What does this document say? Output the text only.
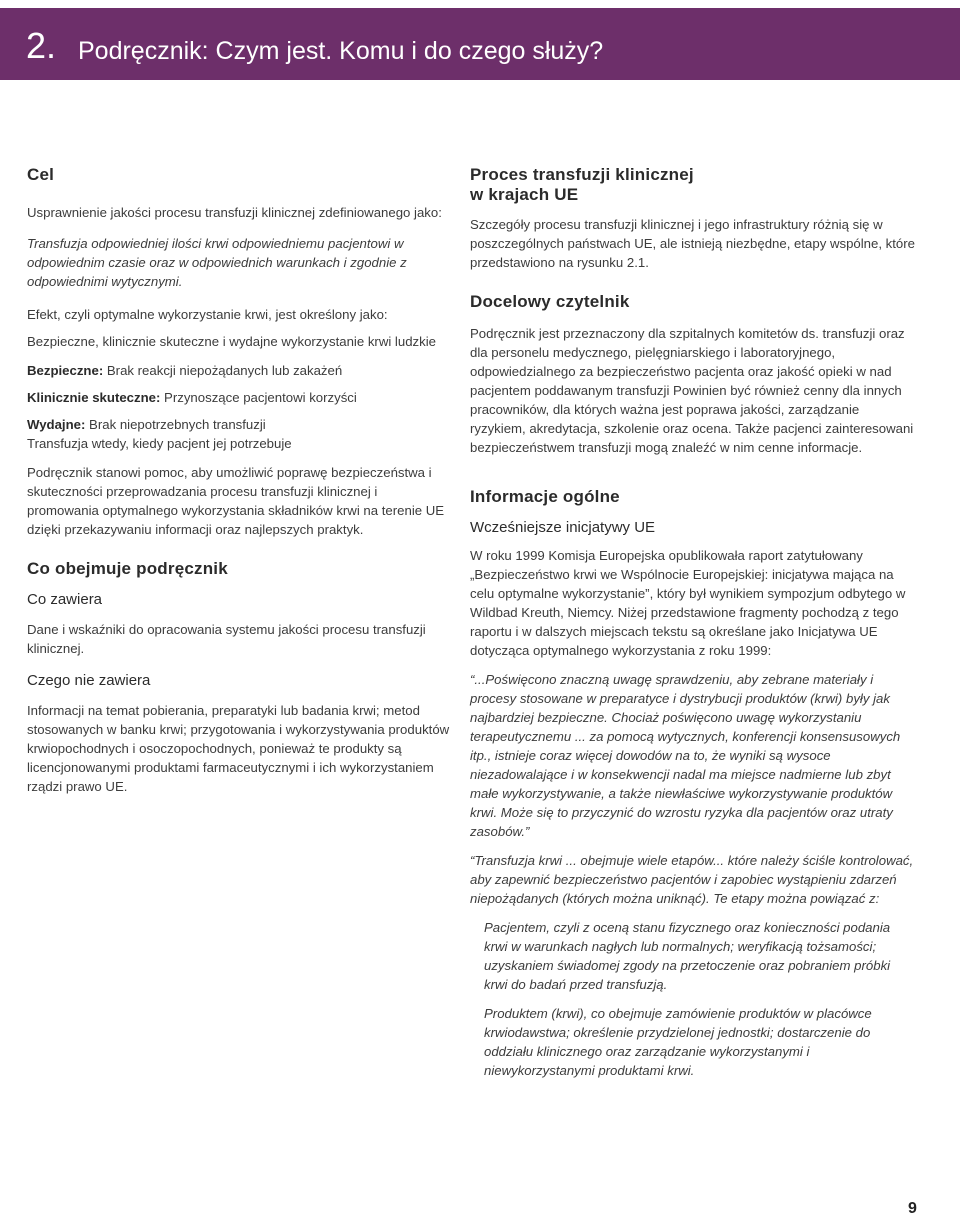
2. Podręcznik: Czym jest. Komu i do czego służy?
Cel

Usprawnienie jakości procesu transfuzji klinicznej zdefiniowanego jako:

Transfuzja odpowiedniej ilości krwi odpowiedniemu pacjentowi w odpowiednim czasie oraz w odpowiednich warunkach i zgodnie z odpowiednimi wytycznymi.

Efekt, czyli optymalne wykorzystanie krwi, jest określony jako:

Bezpieczne, klinicznie skuteczne i wydajne wykorzystanie krwi ludzkie

Bezpieczne: Brak reakcji niepożądanych lub zakażeń

Klinicznie skuteczne: Przynoszące pacjentowi korzyści

Wydajne: Brak niepotrzebnych transfuzji

Transfuzja wtedy, kiedy pacjent jej potrzebuje

Podręcznik stanowi pomoc, aby umożliwić poprawę bezpieczeństwa i skuteczności przeprowadzania procesu transfuzji klinicznej i promowania optymalnego wykorzystania składników krwi na terenie UE dzięki przekazywaniu informacji oraz najlepszych praktyk.

Co obejmuje podręcznik
Co zawiera

Dane i wskaźniki do opracowania systemu jakości procesu transfuzji klinicznej.

Czego nie zawiera

Informacji na temat pobierania, preparatyki lub badania krwi; metod stosowanych w banku krwi; przygotowania i wykorzystywania produktów krwiopochodnych i osoczopochodnych, ponieważ te produkty są licencjonowanymi produktami farmaceutycznymi i ich wykorzystaniem rządzi prawo UE.

Proces transfuzji klinicznej
w krajach UE

Szczegóły procesu transfuzji klinicznej i jego infrastruktury różnią się w poszczególnych państwach UE, ale istnieją niezbędne, etapy wspólne, które przedstawiono na rysunku 2.1.

Docelowy czytelnik

Podręcznik jest przeznaczony dla szpitalnych komitetów ds. transfuzji oraz dla personelu medycznego, pielęgniarskiego i laboratoryjnego, odpowiedzialnego za bezpieczeństwo pacjenta oraz jakość opieki w nad pacjentem poddawanym transfuzji Powinien być również cenny dla innych pracowników, dla których ważna jest poprawa jakości, zarządzanie ryzykiem, akredytacja, szkolenie oraz ocena. Także pacjenci zainteresowani bezpieczeństwem transfuzji mogą znaleźć w nim cenne informacje.

Informacje ogólne
Wcześniejsze inicjatywy UE

W roku 1999 Komisja Europejska opublikowała raport zatytułowany „Bezpieczeństwo krwi we Wspólnocie Europejskiej: inicjatywa mająca na celu optymalne wykorzystanie”, który był wynikiem sympozjum odbytego w Wildbad Kreuth, Niemcy. Niżej przedstawione fragmenty pochodzą z tego raportu i w dalszych miejscach tekstu są określane jako Inicjatywa UE dotycząca optymalnego wykorzystania z roku 1999:

“...Poświęcono znaczną uwagę sprawdzeniu, aby zebrane materiały i procesy stosowane w preparatyce i dystrybucji produktów (krwi) były jak najbardziej bezpieczne. Chociaż poświęcono uwagę wykorzystaniu terapeutycznemu ... za pomocą wytycznych, konferencji konsensusowych itp., istnieje coraz więcej dowodów na to, że wyniki są wysoce niezadowalające i w konsekwencji nadal ma miejsce nadmierne lub zbyt małe wykorzystywanie, a także niewłaściwe wykorzystywanie produktów krwi. Może się to przyczynić do wzrostu ryzyka dla pacjentów oraz utraty zasobów.”

“Transfuzja krwi ... obejmuje wiele etapów... które należy ściśle kontrolować, aby zapewnić bezpieczeństwo pacjentów i zapobiec wystąpieniu zdarzeń niepożądanych (których można uniknąć). Te etapy można powiązać z:

Pacjentem, czyli z oceną stanu fizycznego oraz konieczności podania krwi w warunkach nagłych lub normalnych; weryfikacją tożsamości; uzyskaniem świadomej zgody na przetoczenie oraz pobraniem próbki krwi do badań przed transfuzją.

Produktem (krwi), co obejmuje zamówienie produktów w placówce krwiodawstwa; określenie przydzielonej jednostki; dostarczenie do oddziału klinicznego oraz zarządzanie wykorzystanymi i niewykorzystanymi produktami krwi.

9
